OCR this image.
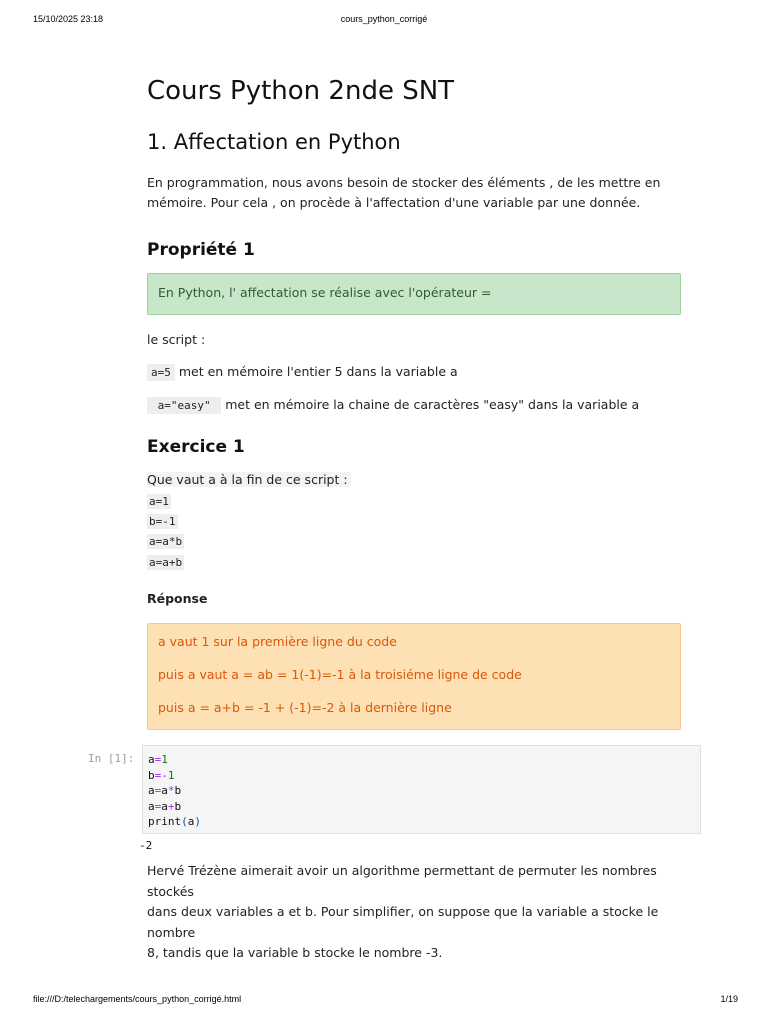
15/10/2025 23:18	cours_python_corrigé
Cours Python 2nde SNT
1. Affectation en Python

En programmation, nous avons besoin de stocker des éléments , de les mettre en
mémoire. Pour cela , on procède à l'affectation d'une variable par une donnée.

Propriété 1
En Python, l' affectation se réalise avec l'opérateur =

le script :

a=5 met en mémoire l'entier 5 dans la variable a

a="easy"  met en mémoire la chaine de caractères "easy" dans la variable a

Exercice 1

Que vaut a à la fin de ce script :

a=1
b=-1
a=a*b
a=a+b

Réponse

a vaut 1 sur la première ligne du code
puis a vaut a = ab = 1(-1)=-1 à la troisiéme ligne de code
puis a = a+b = -1 + (-1)=-2 à la dernière ligne
In [1]: a=1
b=-1
a=a*b
a=a+b
print(a)
-2

Hervé Trézène aimerait avoir un algorithme permettant de permuter les nombres stockés
dans deux variables a et b. Pour simplifier, on suppose que la variable a stocke le nombre
8, tandis que la variable b stocke le nombre -3.

file:///D:/telechargements/cours_python_corrigé.html	1/19
